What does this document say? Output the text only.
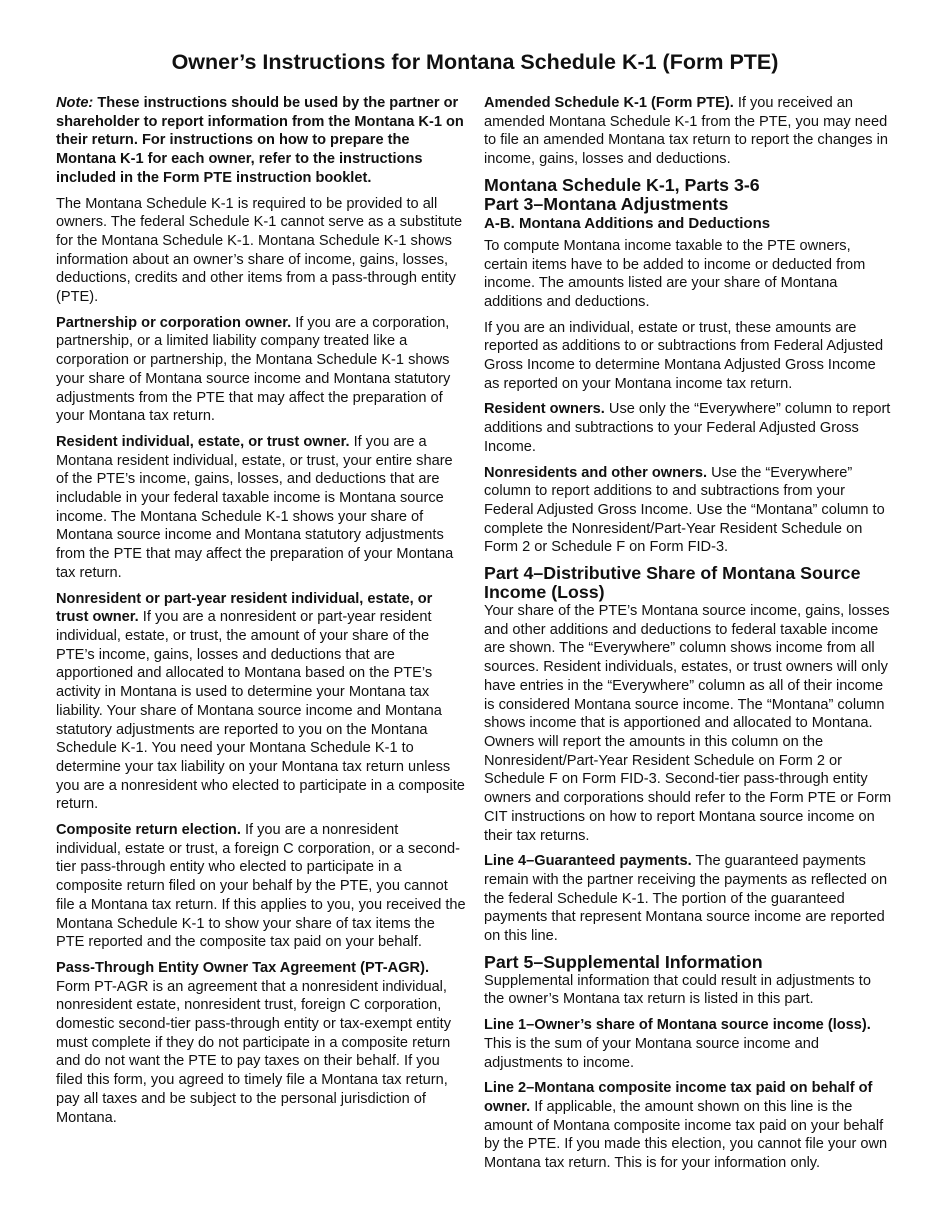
Owner’s Instructions for Montana Schedule K-1 (Form PTE)

Note: These instructions should be used by the partner or shareholder to report information from the Montana K-1 on their return. For instructions on how to prepare the Montana K-1 for each owner, refer to the instructions included in the Form PTE instruction booklet.

The Montana Schedule K-1 is required to be provided to all owners. The federal Schedule K-1 cannot serve as a substitute for the Montana Schedule K-1. Montana Schedule K-1 shows information about an owner’s share of income, gains, losses, deductions, credits and other items from a pass-through entity (PTE).

Partnership or corporation owner. If you are a corporation, partnership, or a limited liability company treated like a corporation or partnership, the Montana Schedule K-1 shows your share of Montana source income and Montana statutory adjustments from the PTE that may affect the preparation of your Montana tax return.

Resident individual, estate, or trust owner. If you are a Montana resident individual, estate, or trust, your entire share of the PTE’s income, gains, losses, and deductions that are includable in your federal taxable income is Montana source income. The Montana Schedule K-1 shows your share of Montana source income and Montana statutory adjustments from the PTE that may affect the preparation of your Montana tax return.

Nonresident or part-year resident individual, estate, or trust owner. If you are a nonresident or part-year resident individual, estate, or trust, the amount of your share of the PTE’s income, gains, losses and deductions that are apportioned and allocated to Montana based on the PTE’s activity in Montana is used to determine your Montana tax liability. Your share of Montana source income and Montana statutory adjustments are reported to you on the Montana Schedule K-1. You need your Montana Schedule K-1 to determine your tax liability on your Montana tax return unless you are a nonresident who elected to participate in a composite return.

Composite return election. If you are a nonresident individual, estate or trust, a foreign C corporation, or a second-tier pass-through entity who elected to participate in a composite return filed on your behalf by the PTE, you cannot file a Montana tax return. If this applies to you, you received the Montana Schedule K-1 to show your share of tax items the PTE reported and the composite tax paid on your behalf.

Pass-Through Entity Owner Tax Agreement (PT-AGR).
Form PT-AGR is an agreement that a nonresident individual, nonresident estate, nonresident trust, foreign C corporation, domestic second-tier pass-through entity or tax-exempt entity must complete if they do not participate in a composite return and do not want the PTE to pay taxes on their behalf. If you filed this form, you agreed to timely file a Montana tax return, pay all taxes and be subject to the personal jurisdiction of Montana.

Amended Schedule K-1 (Form PTE). If you received an amended Montana Schedule K-1 from the PTE, you may need to file an amended Montana tax return to report the changes in income, gains, losses and deductions.

Montana Schedule K-1, Parts 3-6
Part 3–Montana Adjustments
A-B. Montana Additions and Deductions

To compute Montana income taxable to the PTE owners, certain items have to be added to income or deducted from income. The amounts listed are your share of Montana additions and deductions.

If you are an individual, estate or trust, these amounts are reported as additions to or subtractions from Federal Adjusted Gross Income to determine Montana Adjusted Gross Income as reported on your Montana income tax return.

Resident owners. Use only the “Everywhere” column to report additions and subtractions to your Federal Adjusted Gross Income.

Nonresidents and other owners. Use the “Everywhere” column to report additions to and subtractions from your Federal Adjusted Gross Income. Use the “Montana” column to complete the Nonresident/Part-Year Resident Schedule on Form 2 or Schedule F on Form FID-3.

Part 4–Distributive Share of Montana Source Income (Loss)

Your share of the PTE’s Montana source income, gains, losses and other additions and deductions to federal taxable income are shown. The “Everywhere” column shows income from all sources. Resident individuals, estates, or trust owners will only have entries in the “Everywhere” column as all of their income is considered Montana source income. The “Montana” column shows income that is apportioned and allocated to Montana. Owners will report the amounts in this column on the Nonresident/Part-Year Resident Schedule on Form 2 or Schedule F on Form FID-3. Second-tier pass-through entity owners and corporations should refer to the Form PTE or Form CIT instructions on how to report Montana source income on their tax returns.

Line 4–Guaranteed payments. The guaranteed payments remain with the partner receiving the payments as reflected on the federal Schedule K-1. The portion of the guaranteed payments that represent Montana source income are reported on this line.

Part 5–Supplemental Information

Supplemental information that could result in adjustments to the owner’s Montana tax return is listed in this part.

Line 1–Owner’s share of Montana source income (loss). This is the sum of your Montana source income and adjustments to income.

Line 2–Montana composite income tax paid on behalf of owner. If applicable, the amount shown on this line is the amount of Montana composite income tax paid on your behalf by the PTE. If you made this election, you cannot file your own Montana tax return. This is for your information only.
